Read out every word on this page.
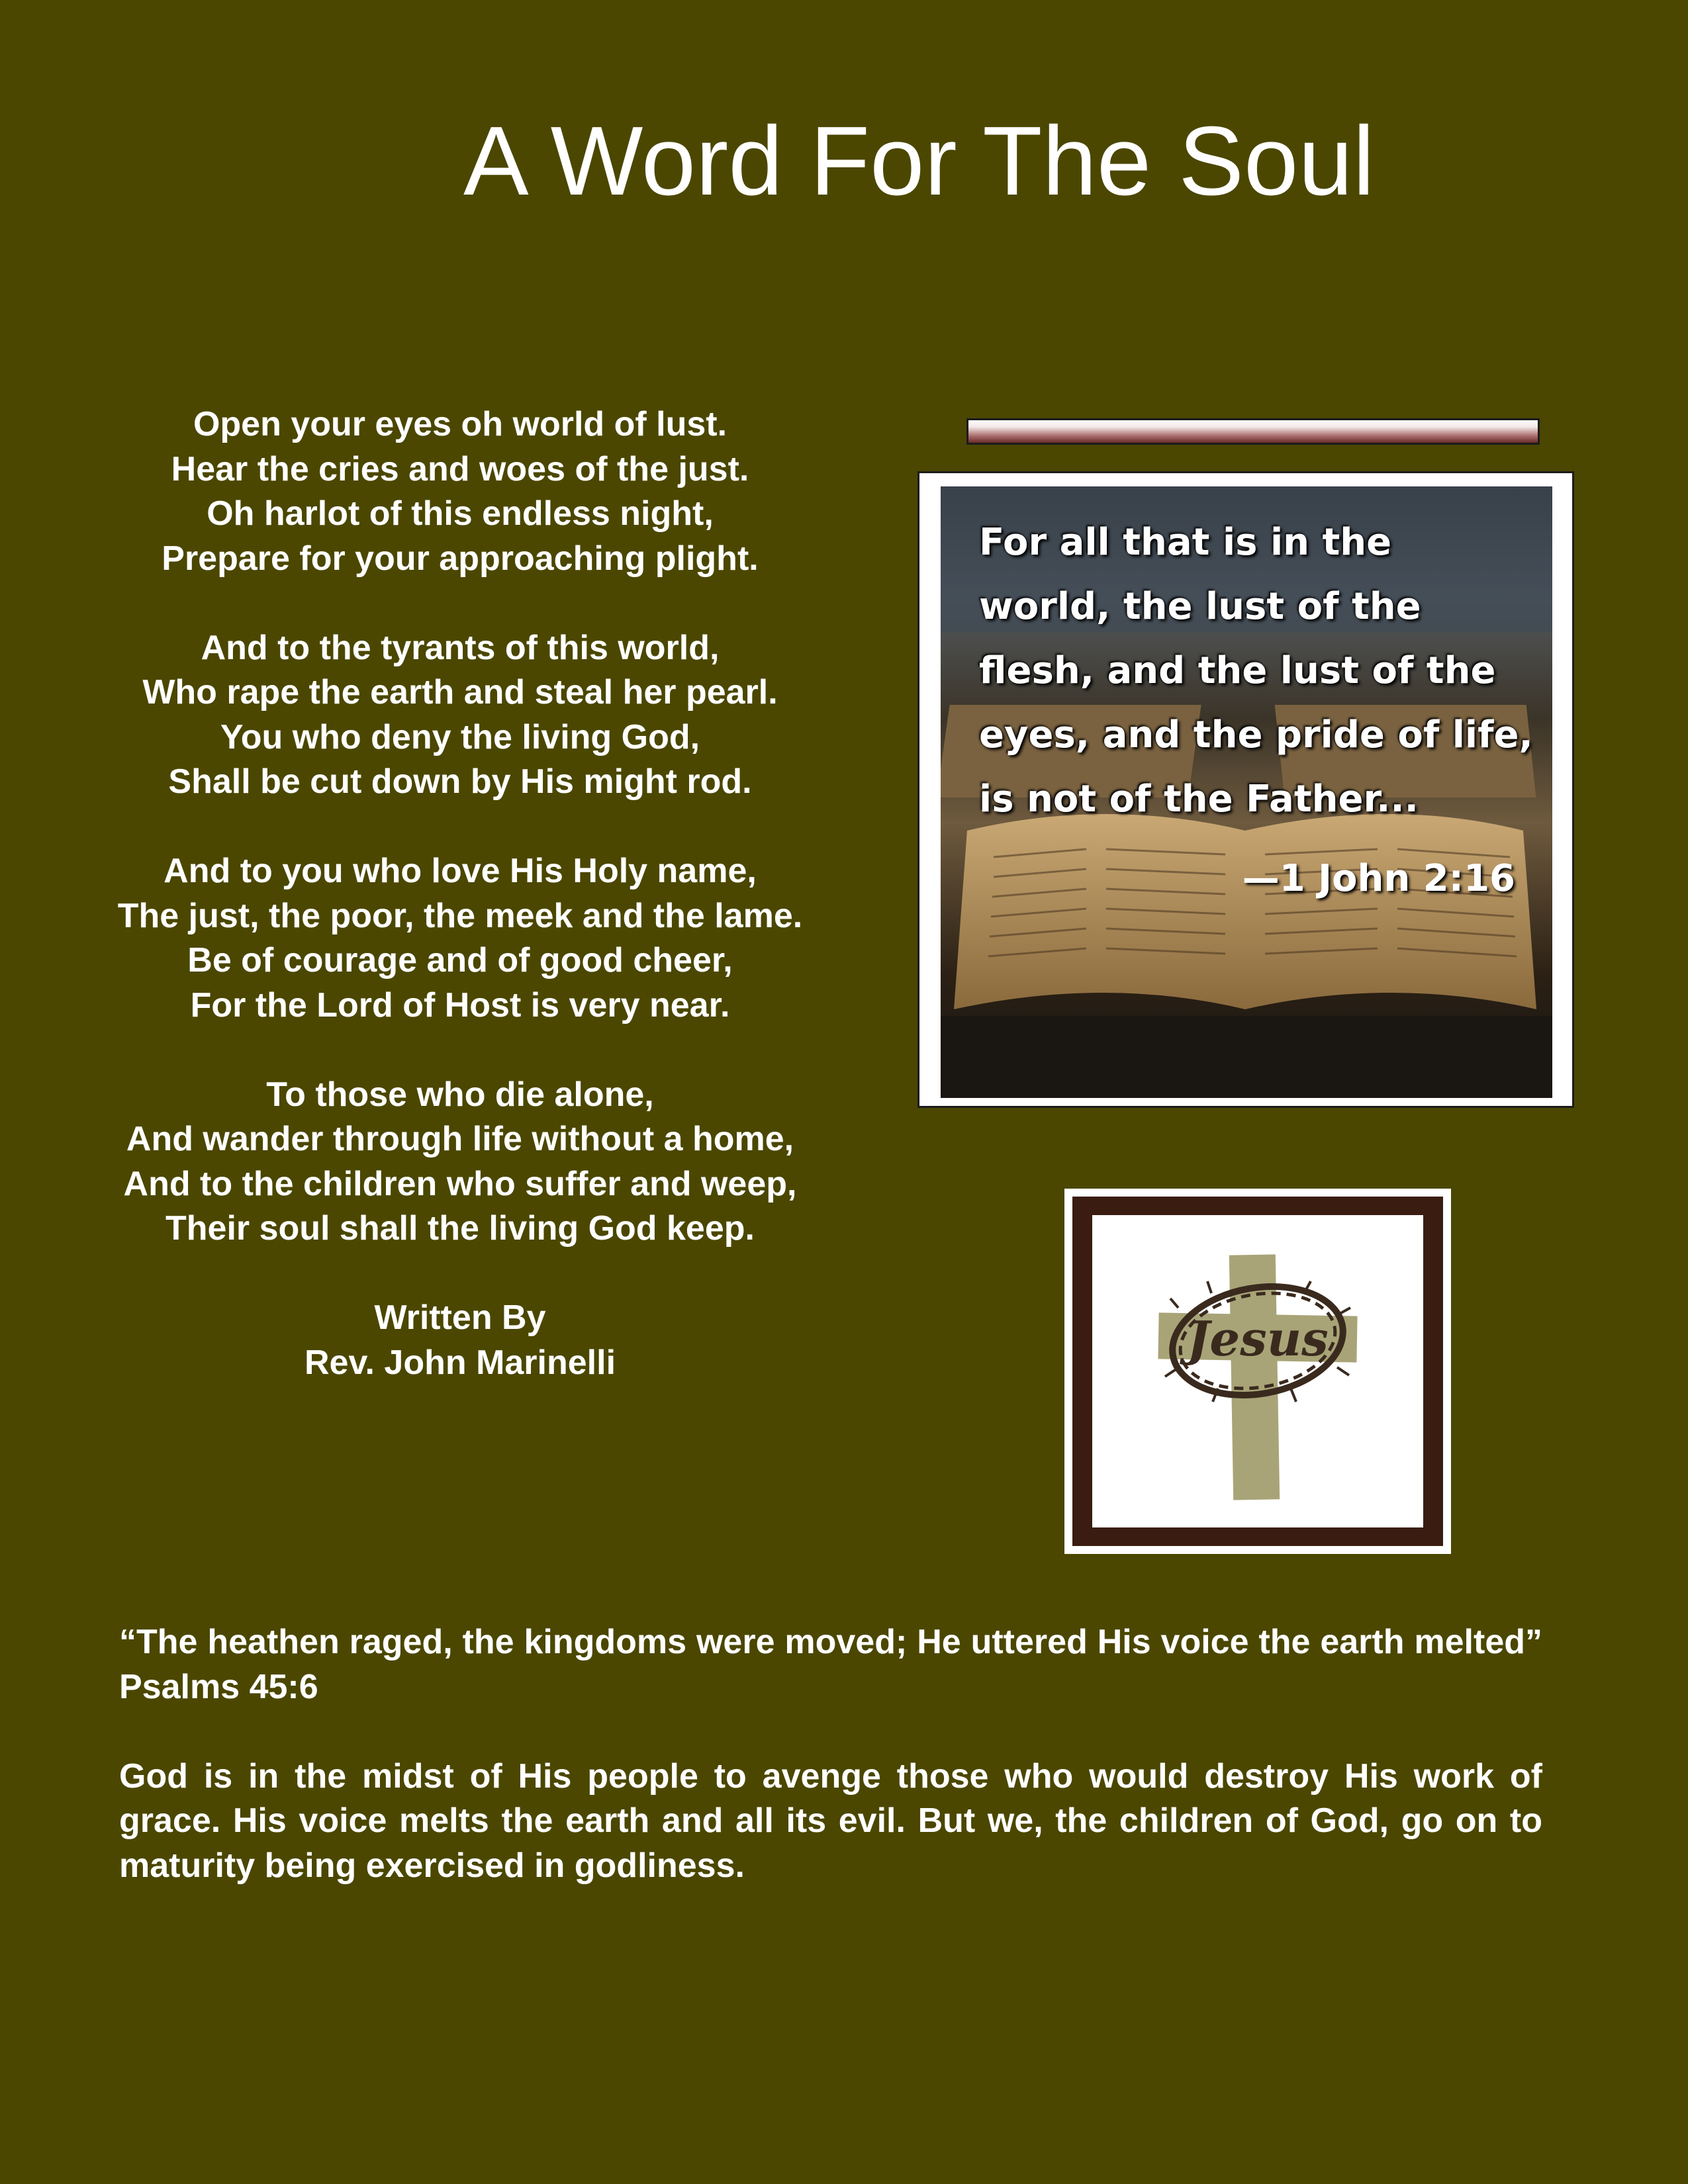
A Word For The Soul
Open your eyes oh world of lust.
Hear the cries and woes of the just.
Oh harlot of this endless night,
Prepare for your approaching plight.
And to the tyrants of this world,
Who rape the earth and steal her pearl.
You who deny the living God,
Shall be cut down by His might rod.
And to you who love His Holy name,
The just, the poor, the meek and the lame.
Be of courage and of good cheer,
For the Lord of Host is very near.
To those who die alone,
And wander through life without a home,
And to the children who suffer and weep,
Their soul shall the living God keep.
Written By
Rev. John Marinelli
For all that is in the
world, the lust of the
flesh, and the lust of the
eyes, and the pride of life,
is not of the Father...
—1 John 2:16
Jesus

“The heathen raged, the kingdoms were moved; He uttered His voice the earth melted” Psalms 45:6

God is in the midst of His people to avenge those who would destroy His work of grace. His voice melts the earth and all its evil. But we, the children of God, go on to maturity being exercised in godliness.
